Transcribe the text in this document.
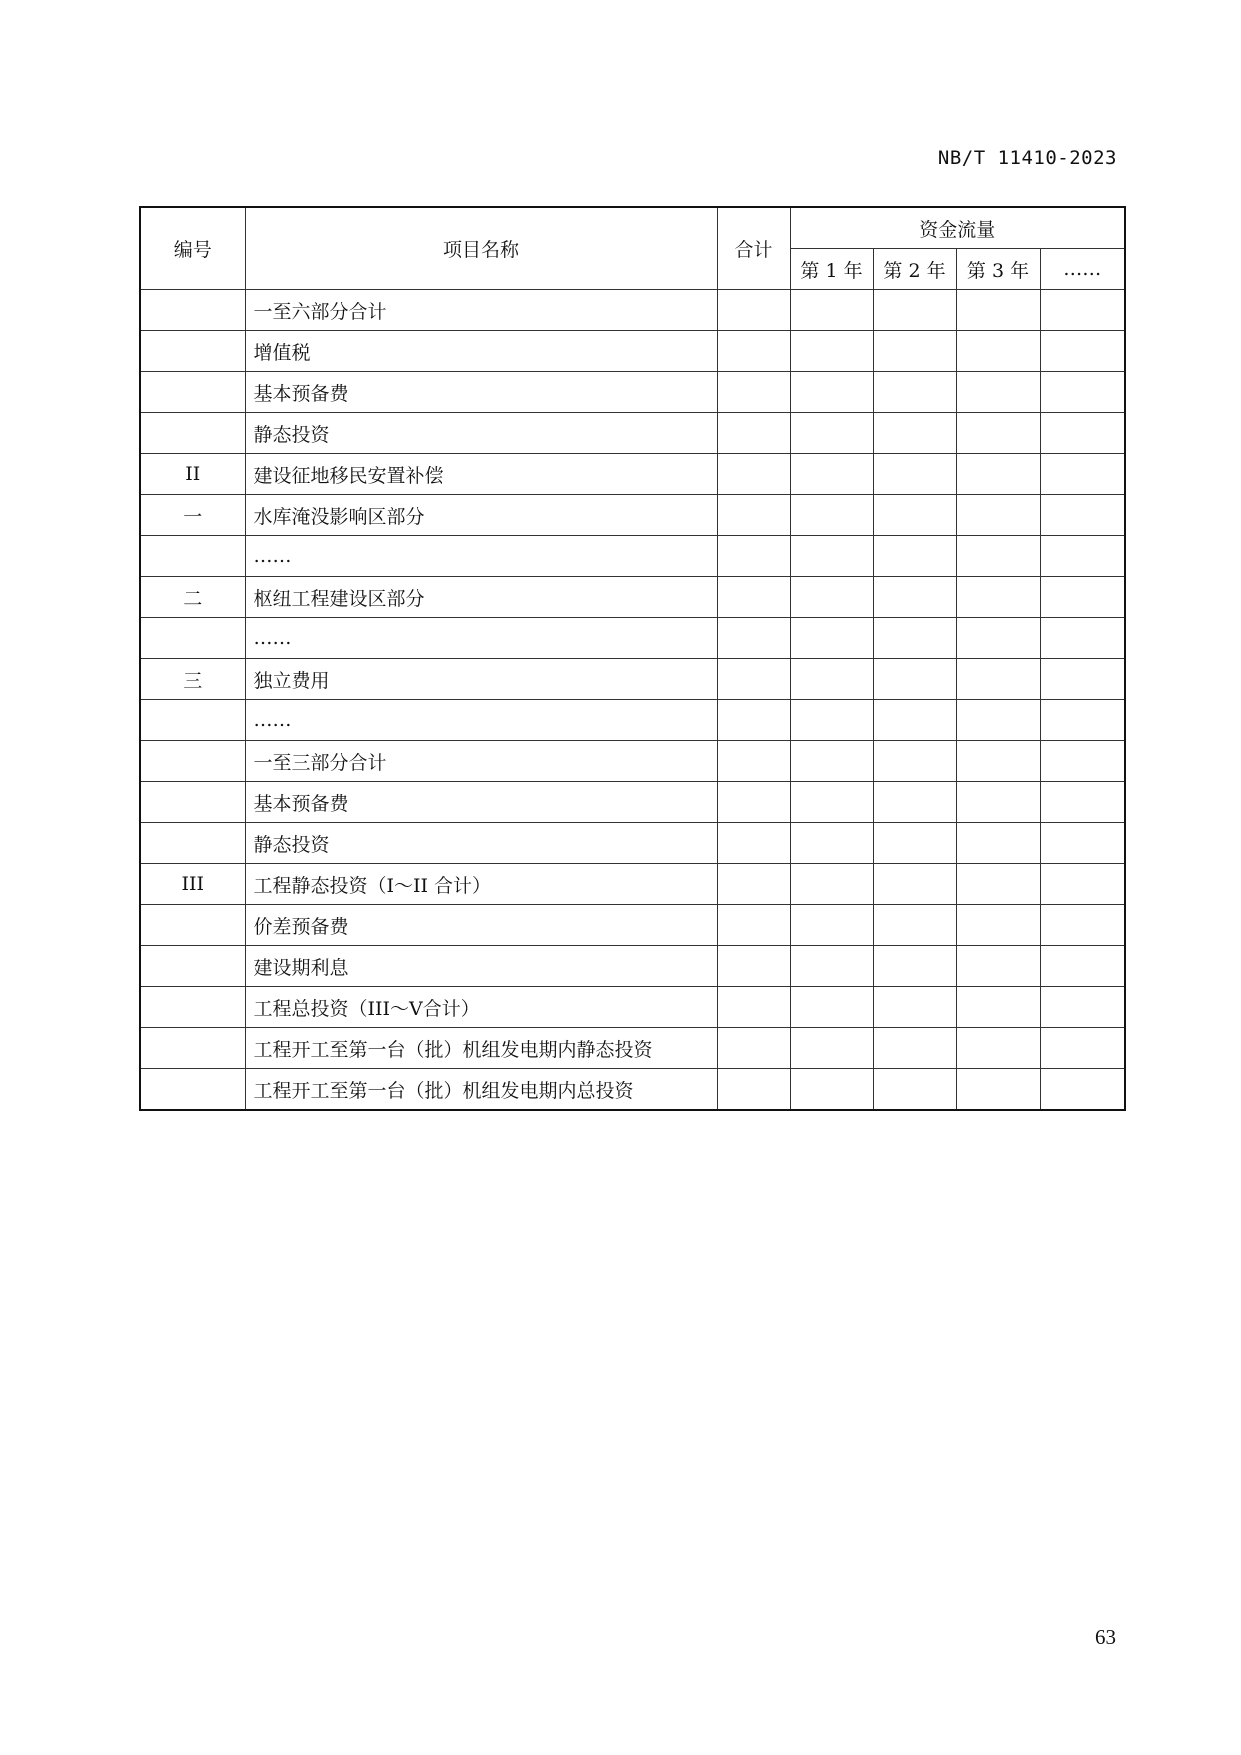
NB/T 11410-2023
编号	项目名称	合计	资金流量			
			第 1 年	第 2 年	第 3 年	……
	一至六部分合计					
	增值税					
	基本预备费					
	静态投资					
II	建设征地移民安置补偿					
一	水库淹没影响区部分					
	……					
二	枢纽工程建设区部分					
	……					
三	独立费用					
	……					
	一至三部分合计					
	基本预备费					
	静态投资					
III	工程静态投资（I～II 合计）					
	价差预备费					
	建设期利息					
	工程总投资（III～V合计）					
	工程开工至第一台（批）机组发电期内静态投资					
	工程开工至第一台（批）机组发电期内总投资					
63
